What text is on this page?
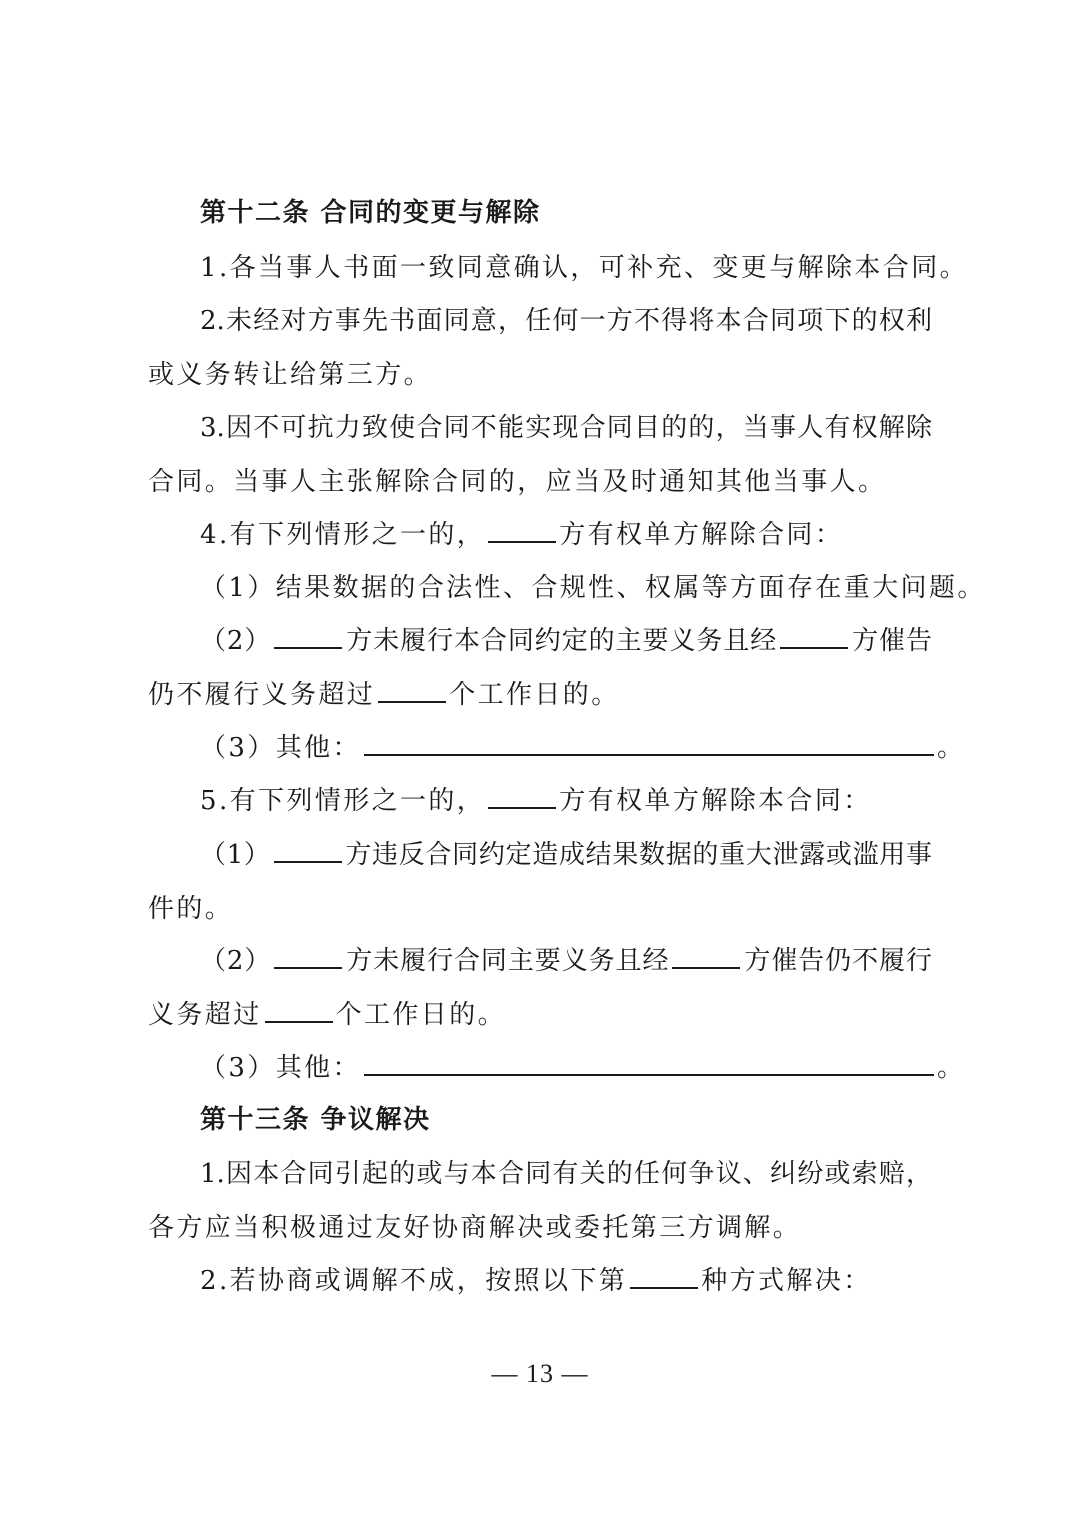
第十二条 合同的变更与解除
1.各当事人书面一致同意确认，可补充、变更与解除本合同。
2.未经对方事先书面同意，任何一方不得将本合同项下的权利
或义务转让给第三方。
3.因不可抗力致使合同不能实现合同目的的，当事人有权解除
合同。当事人主张解除合同的，应当及时通知其他当事人。
4.有下列情形之一的，	方有权单方解除合同：
（1）结果数据的合法性、合规性、权属等方面存在重大问题。
（2）	方未履行本合同约定的主要义务且经	方催告
仍不履行义务超过	个工作日的。
（3）其他：	。
5.有下列情形之一的，	方有权单方解除本合同：
（1）	方违反合同约定造成结果数据的重大泄露或滥用事
件的。
（2）	方未履行合同主要义务且经	方催告仍不履行
义务超过	个工作日的。
（3）其他：	。
第十三条 争议解决
1.因本合同引起的或与本合同有关的任何争议、纠纷或索赔，
各方应当积极通过友好协商解决或委托第三方调解。
2.若协商或调解不成，按照以下第	种方式解决：
— 13 —
